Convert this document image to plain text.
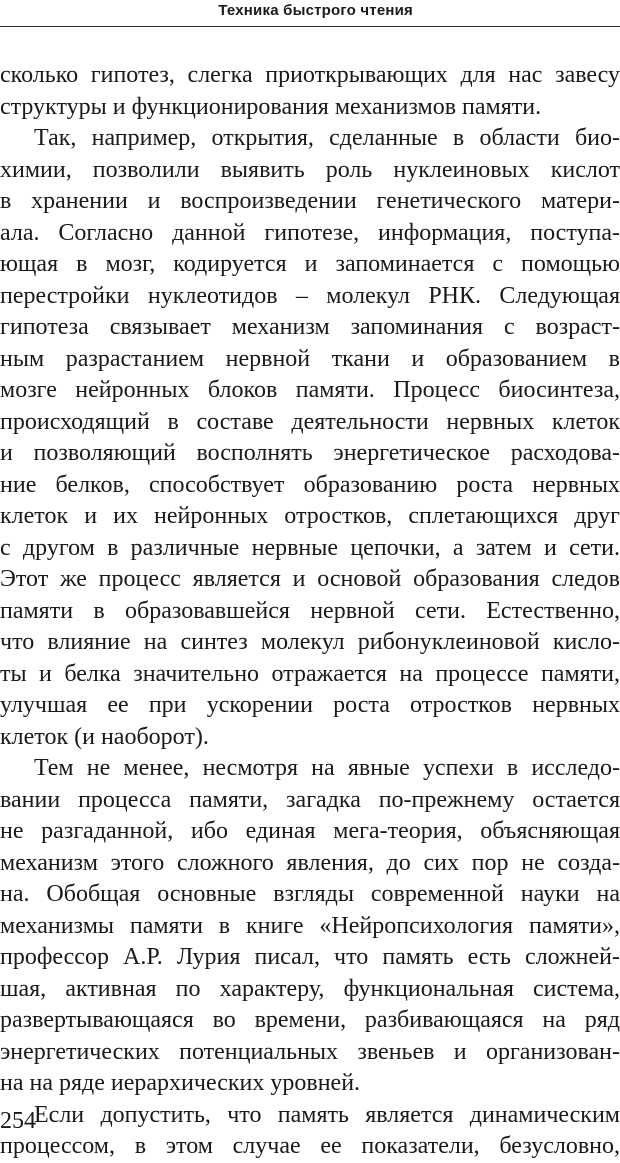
Техника быстрого чтения
сколько гипотез, слегка приоткрывающих для нас завесу
структуры и функционирования механизмов памяти.
Так, например, открытия, сделанные в области био-
химии, позволили выявить роль нуклеиновых кислот
в хранении и воспроизведении генетического матери-
ала. Согласно данной гипотезе, информация, поступа-
ющая в мозг, кодируется и запоминается с помощью
перестройки нуклеотидов – молекул РНК. Следующая
гипотеза связывает механизм запоминания с возраст-
ным разрастанием нервной ткани и образованием в
мозге нейронных блоков памяти. Процесс биосинтеза,
происходящий в составе деятельности нервных клеток
и позволяющий восполнять энергетическое расходова-
ние белков, способствует образованию роста нервных
клеток и их нейронных отростков, сплетающихся друг
с другом в различные нервные цепочки, а затем и сети.
Этот же процесс является и основой образования следов
памяти в образовавшейся нервной сети. Естественно,
что влияние на синтез молекул рибонуклеиновой кисло-
ты и белка значительно отражается на процессе памяти,
улучшая ее при ускорении роста отростков нервных
клеток (и наоборот).
Тем не менее, несмотря на явные успехи в исследо-
вании процесса памяти, загадка по-прежнему остается
не разгаданной, ибо единая мега-теория, объясняющая
механизм этого сложного явления, до сих пор не созда-
на. Обобщая основные взгляды современной науки на
механизмы памяти в книге «Нейропсихология памяти»,
профессор А.Р. Лурия писал, что память есть сложней-
шая, активная по характеру, функциональная система,
развертывающаяся во времени, разбивающаяся на ряд
энергетических потенциальных звеньев и организован-
на на ряде иерархических уровней.
Если допустить, что память является динамическим
процессом, в этом случае ее показатели, безусловно,
254
